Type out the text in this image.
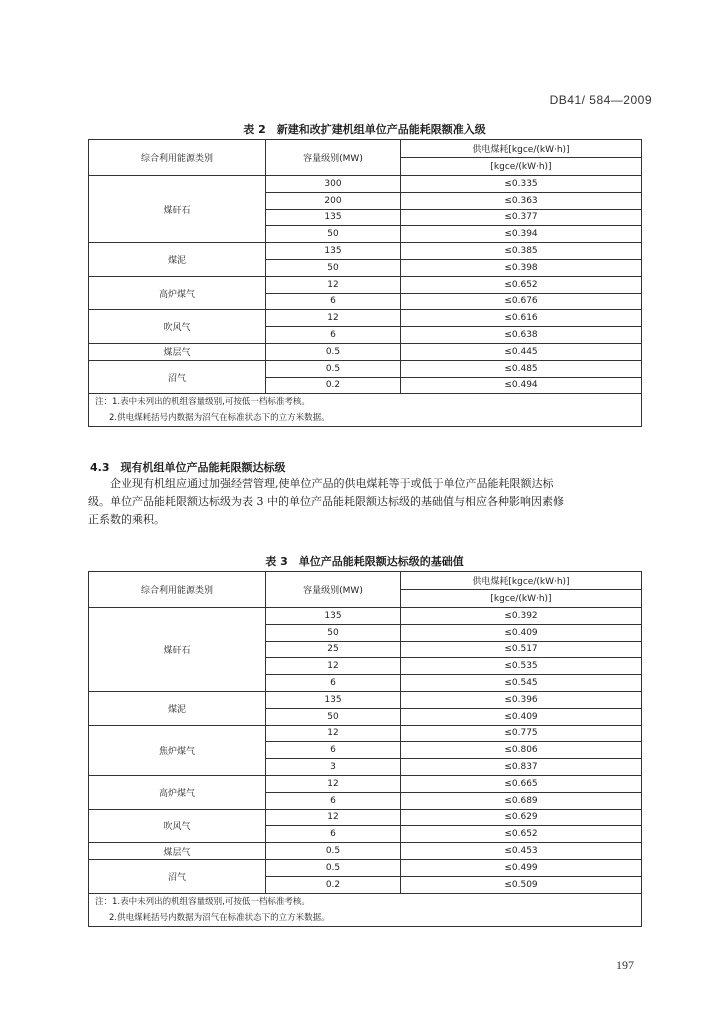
DB41/ 584—2009
表 2　新建和改扩建机组单位产品能耗限额准入级
综合利用能源类别	容量级别(MW)	供电煤耗[kgce/(kW·h)]
		[kgce/(kW·h)]
煤矸石	300	≤0.335
	200	≤0.363
	135	≤0.377
	50	≤0.394
煤泥	135	≤0.385
	50	≤0.398
高炉煤气	12	≤0.652
	6	≤0.676
吹风气	12	≤0.616
	6	≤0.638
煤层气	0.5	≤0.445
沼气	0.5	≤0.485
	0.2	≤0.494

注：1.表中未列出的机组容量级别,可按低一档标准考核。
2.供电煤耗括号内数据为沼气在标准状态下的立方米数据。		
4.3　现有机组单位产品能耗限额达标级
　　企业现有机组应通过加强经营管理,使单位产品的供电煤耗等于或低于单位产品能耗限额达标
级。单位产品能耗限额达标级为表 3 中的单位产品能耗限额达标级的基础值与相应各种影响因素修
正系数的乘积。
表 3　单位产品能耗限额达标级的基础值
综合利用能源类别	容量级别(MW)	供电煤耗[kgce/(kW·h)]
		[kgce/(kW·h)]
煤矸石	135	≤0.392
	50	≤0.409
	25	≤0.517
	12	≤0.535
	6	≤0.545
煤泥	135	≤0.396
	50	≤0.409
焦炉煤气	12	≤0.775
	6	≤0.806
	3	≤0.837
高炉煤气	12	≤0.665
	6	≤0.689
吹风气	12	≤0.629
	6	≤0.652
煤层气	0.5	≤0.453
沼气	0.5	≤0.499
	0.2	≤0.509

注：1.表中未列出的机组容量级别,可按低一档标准考核。
2.供电煤耗括号内数据为沼气在标准状态下的立方米数据。		
197
